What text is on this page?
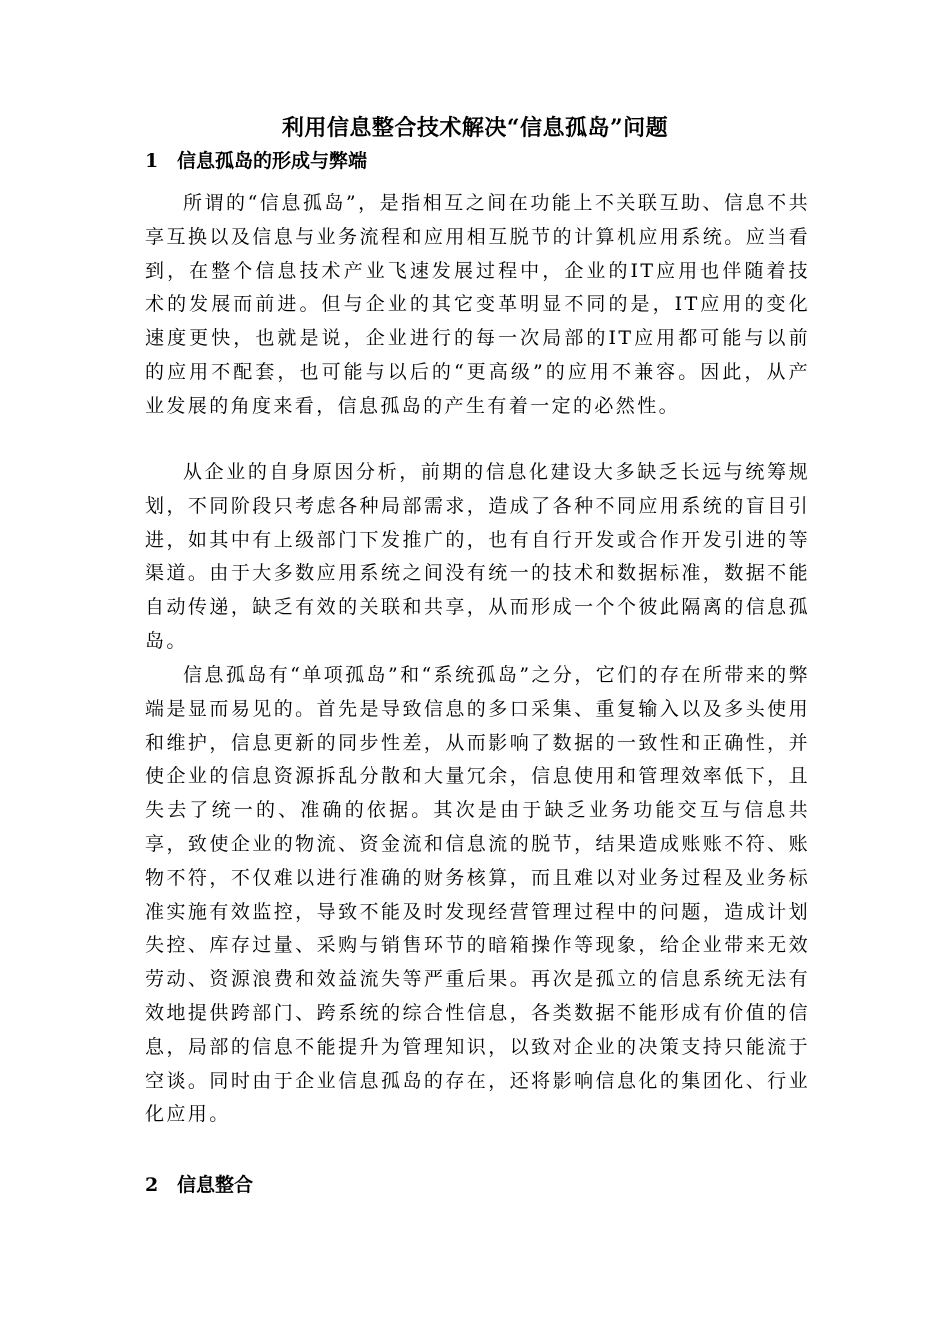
利用信息整合技术解决“信息孤岛”问题
1 信息孤岛的形成与弊端

所谓的“信息孤岛”，是指相互之间在功能上不关联互助、信息不共享互换以及信息与业务流程和应用相互脱节的计算机应用系统。应当看到，在整个信息技术产业飞速发展过程中，企业的IT应用也伴随着技术的发展而前进。但与企业的其它变革明显不同的是，IT应用的变化速度更快，也就是说，企业进行的每一次局部的IT应用都可能与以前的应用不配套，也可能与以后的“更高级”的应用不兼容。因此，从产业发展的角度来看，信息孤岛的产生有着一定的必然性。

从企业的自身原因分析，前期的信息化建设大多缺乏长远与统筹规划，不同阶段只考虑各种局部需求，造成了各种不同应用系统的盲目引进，如其中有上级部门下发推广的，也有自行开发或合作开发引进的等渠道。由于大多数应用系统之间没有统一的技术和数据标准，数据不能自动传递，缺乏有效的关联和共享，从而形成一个个彼此隔离的信息孤岛。

信息孤岛有“单项孤岛”和“系统孤岛”之分，它们的存在所带来的弊端是显而易见的。首先是导致信息的多口采集、重复输入以及多头使用和维护，信息更新的同步性差，从而影响了数据的一致性和正确性，并使企业的信息资源拆乱分散和大量冗余，信息使用和管理效率低下，且失去了统一的、准确的依据。其次是由于缺乏业务功能交互与信息共享，致使企业的物流、资金流和信息流的脱节，结果造成账账不符、账物不符，不仅难以进行准确的财务核算，而且难以对业务过程及业务标准实施有效监控，导致不能及时发现经营管理过程中的问题，造成计划失控、库存过量、采购与销售环节的暗箱操作等现象，给企业带来无效劳动、资源浪费和效益流失等严重后果。再次是孤立的信息系统无法有效地提供跨部门、跨系统的综合性信息，各类数据不能形成有价值的信息，局部的信息不能提升为管理知识，以致对企业的决策支持只能流于空谈。同时由于企业信息孤岛的存在，还将影响信息化的集团化、行业化应用。

2 信息整合
